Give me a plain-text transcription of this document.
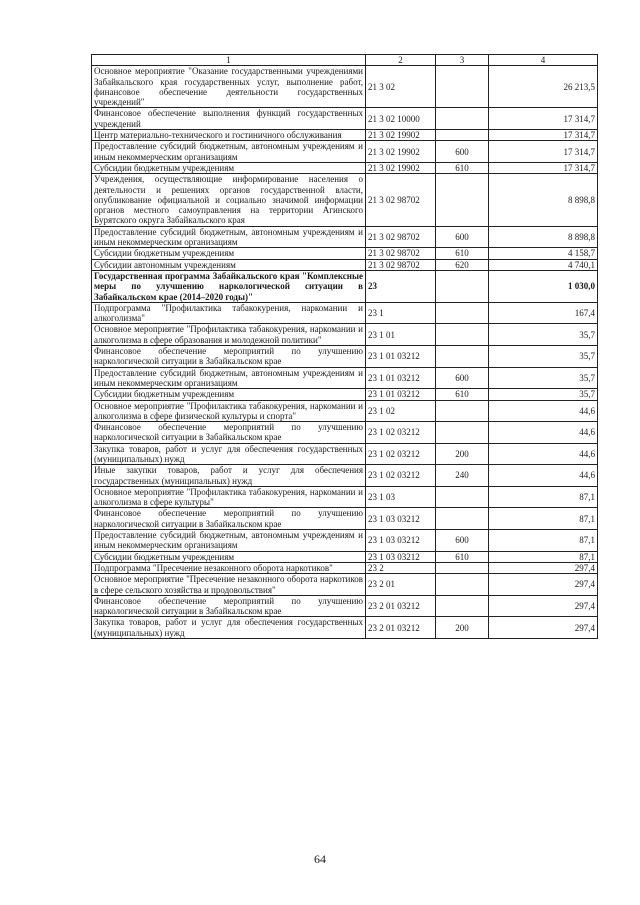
1	2	3	4
Основное мероприятие "Оказание государственными учреждениями Забайкальского края государственных услуг, выполнение работ, финансовое обеспечение деятельности государственных учреждений"	21 3 02		26 213,5
Финансовое обеспечение выполнения функций государственных учреждений	21 3 02 10000		17 314,7
Центр материально-технического и гостиничного обслуживания	21 3 02 19902		17 314,7
Предоставление субсидий бюджетным, автономным учреждениям и иным некоммерческим организациям	21 3 02 19902	600	17 314,7
Субсидии бюджетным учреждениям	21 3 02 19902	610	17 314,7
Учреждения, осуществляющие информирование населения о деятельности и решениях органов государственной власти, опубликование официальной и социально значимой информации органов местного самоуправления на территории Агинского Бурятского округа Забайкальского края	21 3 02 98702		8 898,8
Предоставление субсидий бюджетным, автономным учреждениям и иным некоммерческим организациям	21 3 02 98702	600	8 898,8
Субсидии бюджетным учреждениям	21 3 02 98702	610	4 158,7
Субсидии автономным учреждениям	21 3 02 98702	620	4 740,1
Государственная программа Забайкальского края "Комплексные меры по улучшению наркологической ситуации в Забайкальском крае (2014–2020 годы)"	23		1 030,0
Подпрограмма "Профилактика табакокурения, наркомании и алкоголизма"	23 1		167,4
Основное мероприятие "Профилактика табакокурения, наркомании и алкоголизма в сфере образования и молодежной политики"	23 1 01		35,7
Финансовое обеспечение мероприятий по улучшению наркологической ситуации в Забайкальском крае	23 1 01 03212		35,7
Предоставление субсидий бюджетным, автономным учреждениям и иным некоммерческим организациям	23 1 01 03212	600	35,7
Субсидии бюджетным учреждениям	23 1 01 03212	610	35,7
Основное мероприятие "Профилактика табакокурения, наркомании и алкоголизма в сфере физической культуры и спорта"	23 1 02		44,6
Финансовое обеспечение мероприятий по улучшению наркологической ситуации в Забайкальском крае	23 1 02 03212		44,6
Закупка товаров, работ и услуг для обеспечения государственных (муниципальных) нужд	23 1 02 03212	200	44,6
Иные закупки товаров, работ и услуг для обеспечения государственных (муниципальных) нужд	23 1 02 03212	240	44,6
Основное мероприятие "Профилактика табакокурения, наркомании и алкоголизма в сфере культуры"	23 1 03		87,1
Финансовое обеспечение мероприятий по улучшению наркологической ситуации в Забайкальском крае	23 1 03 03212		87,1
Предоставление субсидий бюджетным, автономным учреждениям и иным некоммерческим организациям	23 1 03 03212	600	87,1
Субсидии бюджетным учреждениям	23 1 03 03212	610	87,1
Подпрограмма "Пресечение незаконного оборота наркотиков"	23 2		297,4
Основное мероприятие "Пресечение незаконного оборота наркотиков в сфере сельского хозяйства и продовольствия"	23 2 01		297,4
Финансовое обеспечение мероприятий по улучшению наркологической ситуации в Забайкальском крае	23 2 01 03212		297,4
Закупка товаров, работ и услуг для обеспечения государственных (муниципальных) нужд	23 2 01 03212	200	297,4
64
